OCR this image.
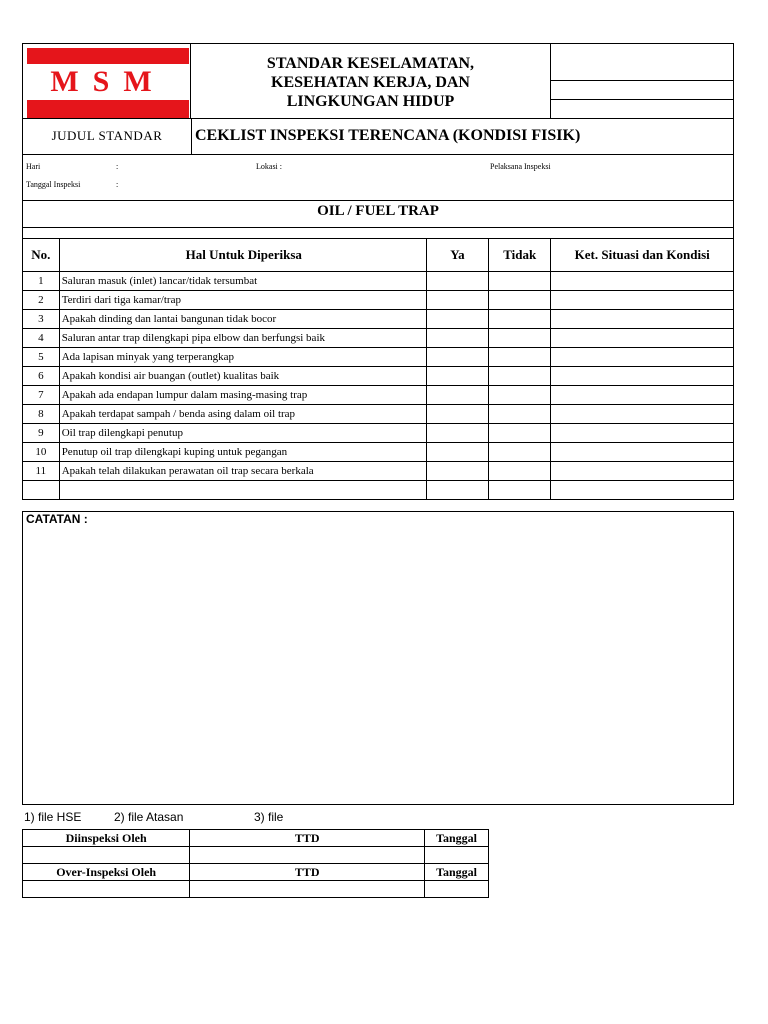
MSM
STANDAR KESELAMATAN,
KESEHATAN KERJA, DAN
LINGKUNGAN HIDUP
JUDUL STANDAR	CEKLIST INSPEKSI TERENCANA (KONDISI FISIK)
Hari	:	Lokasi :	Pelaksana Inspeksi
Tanggal Inspeksi	:
OIL / FUEL TRAP
No.	Hal Untuk Diperiksa	Ya	Tidak	Ket. Situasi dan Kondisi
1	Saluran masuk (inlet) lancar/tidak tersumbat			
2	Terdiri dari tiga kamar/trap			
3	Apakah dinding dan lantai bangunan tidak bocor			
4	Saluran antar trap dilengkapi pipa elbow dan berfungsi baik			
5	Ada lapisan minyak yang terperangkap			
6	Apakah kondisi air buangan (outlet) kualitas baik			
7	Apakah ada endapan lumpur dalam masing-masing trap			
8	Apakah terdapat sampah / benda asing dalam oil trap			
9	Oil trap dilengkapi penutup			
10	Penutup oil trap dilengkapi kuping untuk pegangan			
11	Apakah telah dilakukan perawatan oil trap secara berkala			

CATATAN :
1) file HSE	2) file Atasan	3) file
Diinspeksi Oleh	TTD	Tanggal

Over-Inspeksi Oleh	TTD	Tanggal
